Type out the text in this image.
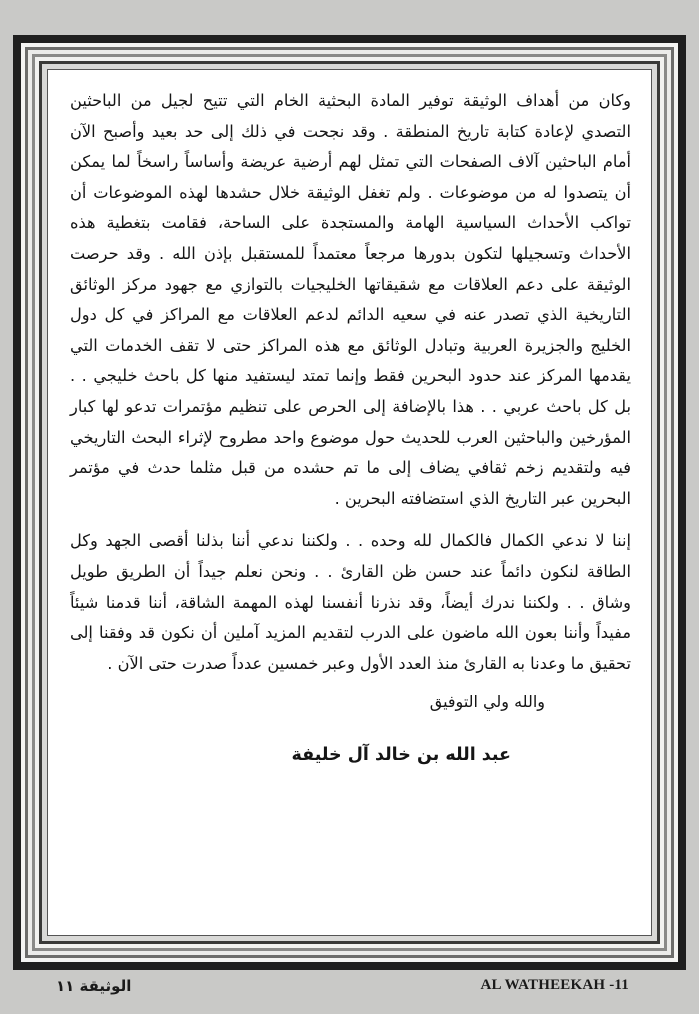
وكان من أهداف الوثيقة توفير المادة البحثية الخام التي تتيح لجيل من الباحثين التصدي لإعادة كتابة تاريخ المنطقة . وقد نجحت في ذلك إلى حد بعيد وأصبح الآن أمام الباحثين آلاف الصفحات التي تمثل لهم أرضية عريضة وأساساً راسخاً لما يمكن أن يتصدوا له من موضوعات . ولم تغفل الوثيقة خلال حشدها لهذه الموضوعات أن تواكب الأحداث السياسية الهامة والمستجدة على الساحة، فقامت بتغطية هذه الأحداث وتسجيلها لتكون بدورها مرجعاً معتمداً للمستقبل بإذن الله . وقد حرصت الوثيقة على دعم العلاقات مع شقيقاتها الخليجيات بالتوازي مع جهود مركز الوثائق التاريخية الذي تصدر عنه في سعيه الدائم لدعم العلاقات مع المراكز في كل دول الخليج والجزيرة العربية وتبادل الوثائق مع هذه المراكز حتى لا تقف الخدمات التي يقدمها المركز عند حدود البحرين فقط وإنما تمتد ليستفيد منها كل باحث خليجي . . بل كل باحث عربي . . هذا بالإضافة إلى الحرص على تنظيم مؤتمرات تدعو لها كبار المؤرخين والباحثين العرب للحديث حول موضوع واحد مطروح لإثراء البحث التاريخي فيه ولتقديم زخم ثقافي يضاف إلى ما تم حشده من قبل مثلما حدث في مؤتمر البحرين عبر التاريخ الذي استضافته البحرين .

إننا لا ندعي الكمال فالكمال لله وحده . . ولكننا ندعي أننا بذلنا أقصى الجهد وكل الطاقة لنكون دائماً عند حسن ظن القارئ . . ونحن نعلم جيداً أن الطريق طويل وشاق . . ولكننا ندرك أيضاً، وقد نذرنا أنفسنا لهذه المهمة الشاقة، أننا قدمنا شيئاً مفيداً وأننا بعون الله ماضون على الدرب لتقديم المزيد آملين أن نكون قد وفقنا إلى تحقيق ما وعدنا به القارئ منذ العدد الأول وعبر خمسين عدداً صدرت حتى الآن .

والله ولي التوفيق
عبد الله بن خالد آل خليفة
الوثيقة ١١	AL WATHEEKAH -11
